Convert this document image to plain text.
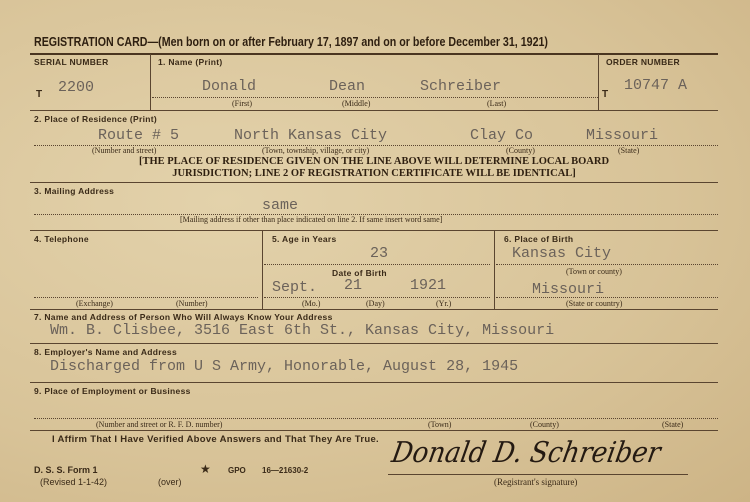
REGISTRATION CARD—(Men born on or after February 17, 1897 and on or before December 31, 1921)
SERIAL NUMBER
T 2200
1. Name (Print)
Donald	Dean	Schreiber
(First)	(Middle)	(Last)
ORDER NUMBER
T
10747 A
2. Place of Residence (Print)
Route # 5	North Kansas City	Clay Co	Missouri
(Number and street)	(Town, township, village, or city)	(County)	(State)
[THE PLACE OF RESIDENCE GIVEN ON THE LINE ABOVE WILL DETERMINE LOCAL BOARD
JURISDICTION; LINE 2 OF REGISTRATION CERTIFICATE WILL BE IDENTICAL]
3. Mailing Address
same
[Mailing address if other than place indicated on line 2. If same insert word same]
4. Telephone
(Exchange)	(Number)
5. Age in Years
23
Date of Birth
Sept. 21	1921
(Mo.)	(Day)	(Yr.)
6. Place of Birth
Kansas City
(Town or county)
Missouri
(State or country)
7. Name and Address of Person Who Will Always Know Your Address
Wm. B. Clisbee, 3516 East 6th St., Kansas City, Missouri
8. Employer's Name and Address
Discharged from U S Army, Honorable, August 28, 1945
9. Place of Employment or Business
(Number and street or R. F. D. number)	(Town)	(County)	(State)
I Affirm That I Have Verified Above Answers and That They Are True.
D. S. S. Form 1
(Revised 1-1-42)	(over)
★ GPO 16—21630-2
Donald D. Schreiber
(Registrant's signature)
